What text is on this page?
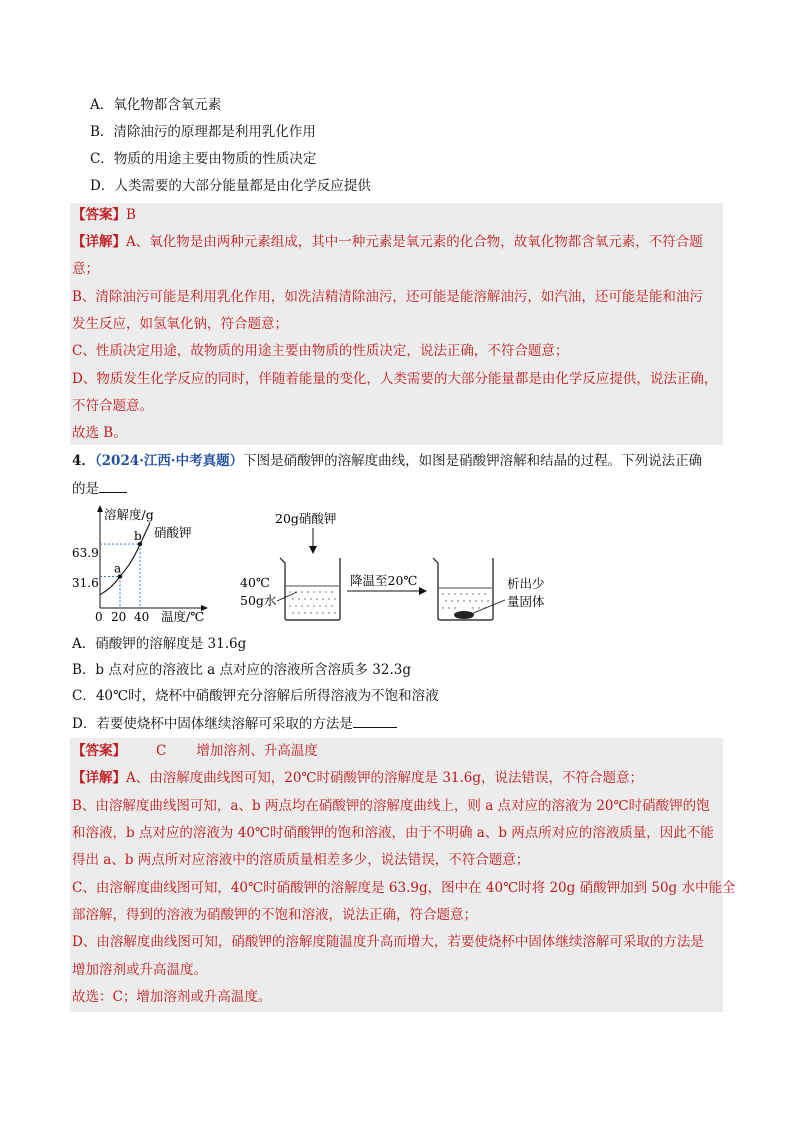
A．氧化物都含氧元素
B．清除油污的原理都是利用乳化作用
C．物质的用途主要由物质的性质决定
D．人类需要的大部分能量都是由化学反应提供
【答案】B
【详解】A、氧化物是由两种元素组成，其中一种元素是氧元素的化合物，故氧化物都含氧元素，不符合题
意；
B、清除油污可能是利用乳化作用，如洗洁精清除油污，还可能是能溶解油污，如汽油，还可能是能和油污
发生反应，如氢氧化钠，符合题意；
C、性质决定用途，故物质的用途主要由物质的性质决定，说法正确，不符合题意；
D、物质发生化学反应的同时，伴随着能量的变化，人类需要的大部分能量都是由化学反应提供，说法正确，
不符合题意。
故选 B。
4．（2024·江西·中考真题）下图是硝酸钾的溶解度曲线，如图是硝酸钾溶解和结晶的过程。下列说法正确
的是
溶解度/g
温度/℃
硝酸钾
63.9
31.6
0 20 40
a
b
20g硝酸钾
40℃
50g水
降温至20℃	析出少
量固体
A．硝酸钾的溶解度是 31.6g
B．b 点对应的溶液比 a 点对应的溶液所含溶质多 32.3g
C．40℃时，烧杯中硝酸钾充分溶解后所得溶液为不饱和溶液
D．若要使烧杯中固体继续溶解可采取的方法是
【答案】 C 增加溶剂、升高温度
【详解】A、由溶解度曲线图可知，20℃时硝酸钾的溶解度是 31.6g，说法错误，不符合题意；
B、由溶解度曲线图可知，a、b 两点均在硝酸钾的溶解度曲线上，则 a 点对应的溶液为 20℃时硝酸钾的饱
和溶液，b 点对应的溶液为 40℃时硝酸钾的饱和溶液，由于不明确 a、b 两点所对应的溶液质量，因此不能
得出 a、b 两点所对应溶液中的溶质质量相差多少，说法错误，不符合题意；
C、由溶解度曲线图可知，40℃时硝酸钾的溶解度是 63.9g，图中在 40℃时将 20g 硝酸钾加到 50g 水中能全
部溶解，得到的溶液为硝酸钾的不饱和溶液，说法正确，符合题意；
D、由溶解度曲线图可知，硝酸钾的溶解度随温度升高而增大，若要使烧杯中固体继续溶解可采取的方法是
增加溶剂或升高温度。
故选：C；增加溶剂或升高温度。
